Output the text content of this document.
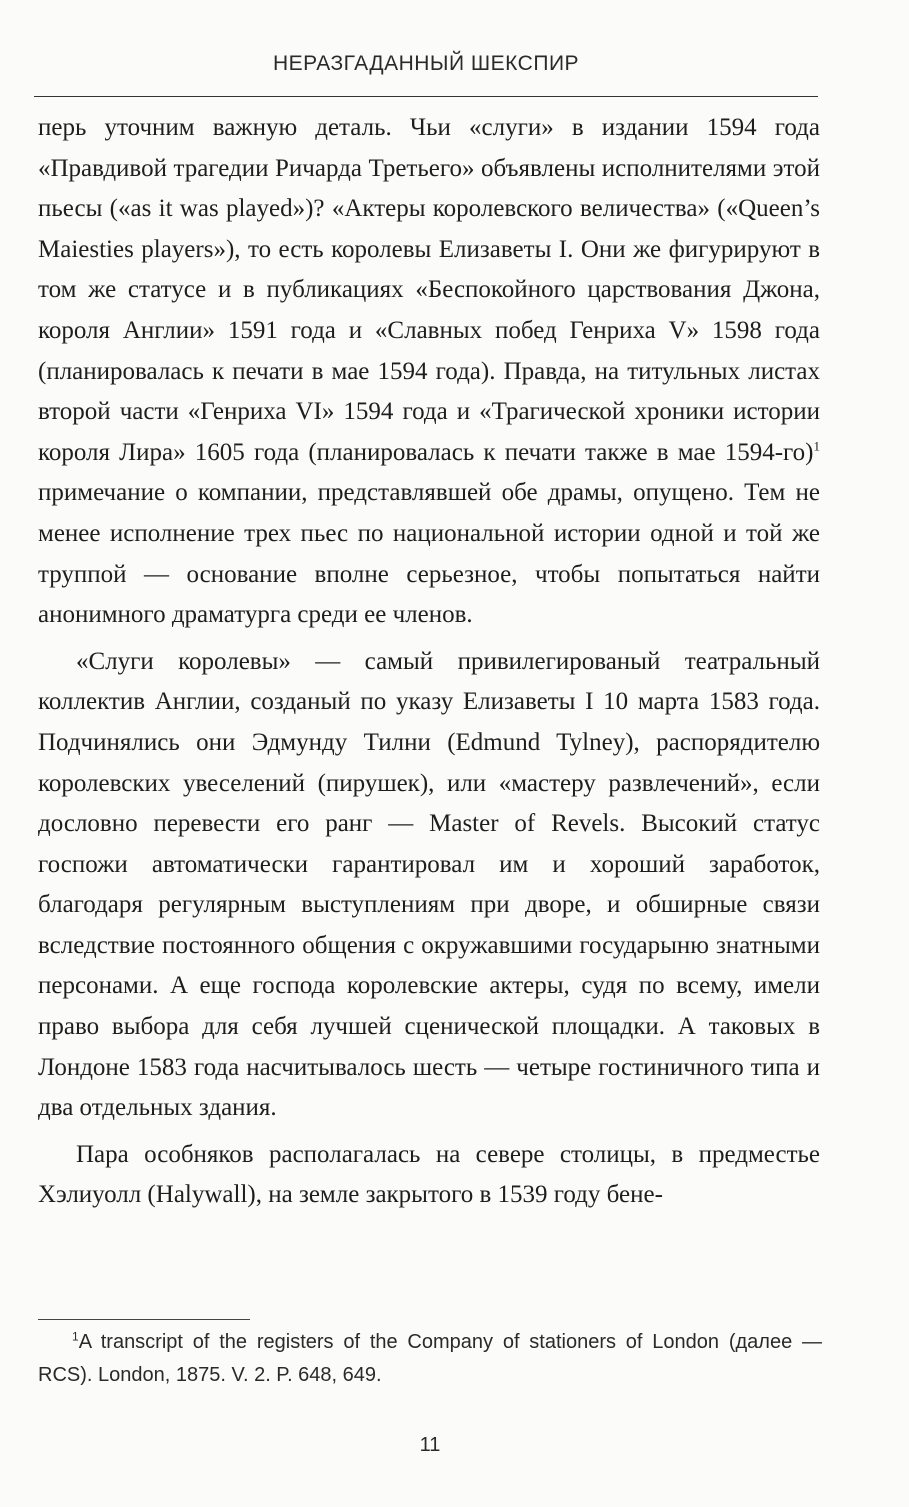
НЕРАЗГАДАННЫЙ ШЕКСПИР

перь уточним важную деталь. Чьи «слуги» в издании 1594 года «Правдивой трагедии Ричарда Третьего» объявлены исполнителями этой пьесы («as it was played»)? «Актеры королевского величества» («Queen’s Maiesties players»), то есть королевы Елизаветы I. Они же фигурируют в том же статусе и в публикациях «Беспокойного царствования Джона, короля Англии» 1591 года и «Славных побед Генриха V» 1598 года (планировалась к печати в мае 1594 года). Правда, на титульных листах второй части «Генриха VI» 1594 года и «Трагической хроники истории короля Лира» 1605 года (планировалась к печати также в мае 1594-го)$^1$ примечание о компании, представлявшей обе драмы, опущено. Тем не менее исполнение трех пьес по национальной истории одной и той же труппой — основание вполне серьезное, чтобы попытаться найти анонимного драматурга среди ее членов.

«Слуги королевы» — самый привилегированый театральный коллектив Англии, созданый по указу Елизаветы I 10 марта 1583 года. Подчинялись они Эдмунду Тилни (Edmund Tylney), распорядителю королевских увеселений (пирушек), или «мастеру развлечений», если дословно перевести его ранг — Master of Revels. Высокий статус госпожи автоматически гарантировал им и хороший заработок, благодаря регулярным выступлениям при дворе, и обширные связи вследствие постоянного общения с окружавшими государыню знатными персонами. А еще господа королевские актеры, судя по всему, имели право выбора для себя лучшей сценической площадки. А таковых в Лондоне 1583 года насчитывалось шесть — четыре гостиничного типа и два отдельных здания.

Пара особняков располагалась на севере столицы, в предместье Хэлиуолл (Halywall), на земле закрытого в 1539 году бене-

$^1$A transcript of the registers of the Company of stationers of London (далее — RCS). London, 1875. V. 2. P. 648, 649.
11
